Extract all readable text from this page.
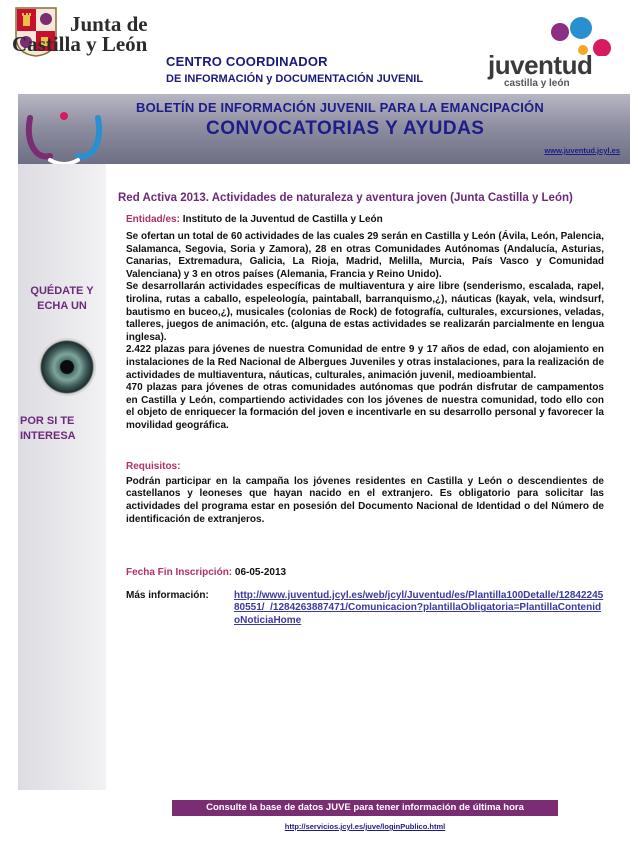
Junta de
Castilla y León
CENTRO COORDINADOR
DE INFORMACIÓN y DOCUMENTACIÓN JUVENIL juventud
castilla y león
BOLETÍN DE INFORMACIÓN JUVENIL PARA LA EMANCIPACIÓN
CONVOCATORIAS Y AYUDAS
www.juventud.jcyl.es
QUÉDATE Y ECHA UN
POR SI TE INTERESA
Red Activa 2013. Actividades de naturaleza y aventura joven (Junta Castilla y León)
Entidad/es: Instituto de la Juventud de Castilla y León

Se ofertan un total de 60 actividades de las cuales 29 serán en Castilla y León (Ávila, León, Palencia, Salamanca, Segovia, Soria y Zamora), 28 en otras Comunidades Autónomas (Andalucía, Asturias, Canarias, Extremadura, Galicia, La Rioja, Madrid, Melilla, Murcia, País Vasco y Comunidad Valenciana) y 3 en otros países (Alemania, Francia y Reino Unido).

Se desarrollarán actividades específicas de multiaventura y aire libre (senderismo, escalada, rapel, tirolina, rutas a caballo, espeleología, paintaball, barranquismo,¿), náuticas (kayak, vela, windsurf, bautismo en buceo,¿), musicales (colonias de Rock) de fotografía, culturales, excursiones, veladas, talleres, juegos de animación, etc. (alguna de estas actividades se realizarán parcialmente en lengua inglesa).

2.422 plazas para jóvenes de nuestra Comunidad de entre 9 y 17 años de edad, con alojamiento en instalaciones de la Red Nacional de Albergues Juveniles y otras instalaciones, para la realización de actividades de multiaventura, náuticas, culturales, animación juvenil, medioambiental.

470 plazas para jóvenes de otras comunidades autónomas que podrán disfrutar de campamentos en Castilla y León, compartiendo actividades con los jóvenes de nuestra comunidad, todo ello con el objeto de enriquecer la formación del joven e incentivarle en su desarrollo personal y favorecer la movilidad geográfica.

Requisitos:
Podrán participar en la campaña los jóvenes residentes en Castilla y León o descendientes de castellanos y leoneses que hayan nacido en el extranjero. Es obligatorio para solicitar las actividades del programa estar en posesión del Documento Nacional de Identidad o del Número de identificación de extranjeros.
Fecha Fin Inscripción: 06-05-2013
Más información:	http://www.juventud.jcyl.es/web/jcyl/Juventud/es/Plantilla100Detalle/1284224580551/_/1284263887471/Comunicacion?plantillaObligatoria=PlantillaContenidoNoticiaHome
Consulte la base de datos JUVE para tener información de última hora
http://servicios.jcyl.es/juve/loginPublico.html
